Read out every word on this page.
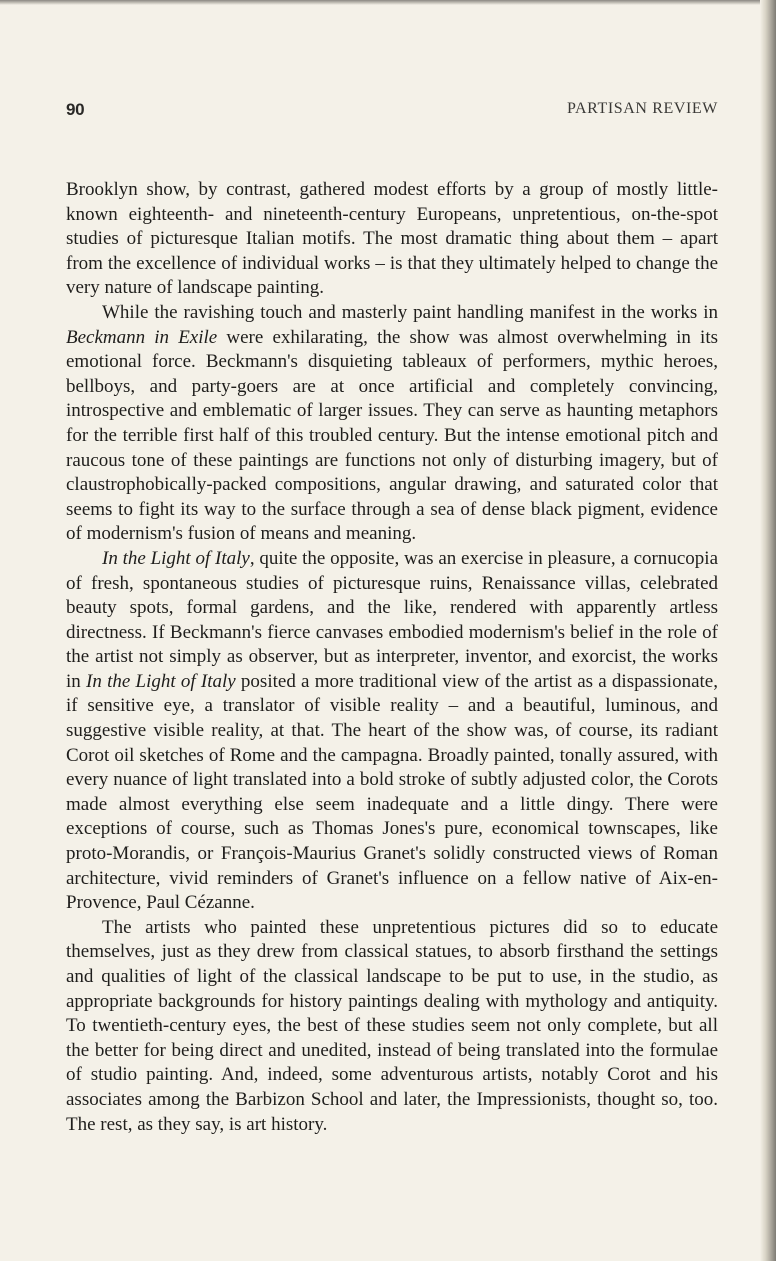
90	PARTISAN REVIEW

Brooklyn show, by contrast, gathered modest efforts by a group of mostly little-known eighteenth- and nineteenth-century Europeans, unpretentious, on-the-spot studies of picturesque Italian motifs. The most dramatic thing about them – apart from the excellence of individual works – is that they ultimately helped to change the very nature of landscape painting.

While the ravishing touch and masterly paint handling manifest in the works in Beckmann in Exile were exhilarating, the show was almost overwhelming in its emotional force. Beckmann's disquieting tableaux of performers, mythic heroes, bellboys, and party-goers are at once artificial and completely convincing, introspective and emblematic of larger issues. They can serve as haunting metaphors for the terrible first half of this troubled century. But the intense emotional pitch and raucous tone of these paintings are functions not only of disturbing imagery, but of claustrophobically-packed compositions, angular drawing, and saturated color that seems to fight its way to the surface through a sea of dense black pigment, evidence of modernism's fusion of means and meaning.

In the Light of Italy, quite the opposite, was an exercise in pleasure, a cornucopia of fresh, spontaneous studies of picturesque ruins, Renaissance villas, celebrated beauty spots, formal gardens, and the like, rendered with apparently artless directness. If Beckmann's fierce canvases embodied modernism's belief in the role of the artist not simply as observer, but as interpreter, inventor, and exorcist, the works in In the Light of Italy posited a more traditional view of the artist as a dispassionate, if sensitive eye, a translator of visible reality – and a beautiful, luminous, and suggestive visible reality, at that. The heart of the show was, of course, its radiant Corot oil sketches of Rome and the campagna. Broadly painted, tonally assured, with every nuance of light translated into a bold stroke of subtly adjusted color, the Corots made almost everything else seem inadequate and a little dingy. There were exceptions of course, such as Thomas Jones's pure, economical townscapes, like proto-Morandis, or François-Maurius Granet's solidly constructed views of Roman architecture, vivid reminders of Granet's influence on a fellow native of Aix-en-Provence, Paul Cézanne.

The artists who painted these unpretentious pictures did so to educate themselves, just as they drew from classical statues, to absorb firsthand the settings and qualities of light of the classical landscape to be put to use, in the studio, as appropriate backgrounds for history paintings dealing with mythology and antiquity. To twentieth-century eyes, the best of these studies seem not only complete, but all the better for being direct and unedited, instead of being translated into the formulae of studio painting. And, indeed, some adventurous artists, notably Corot and his associates among the Barbizon School and later, the Impressionists, thought so, too. The rest, as they say, is art history.
